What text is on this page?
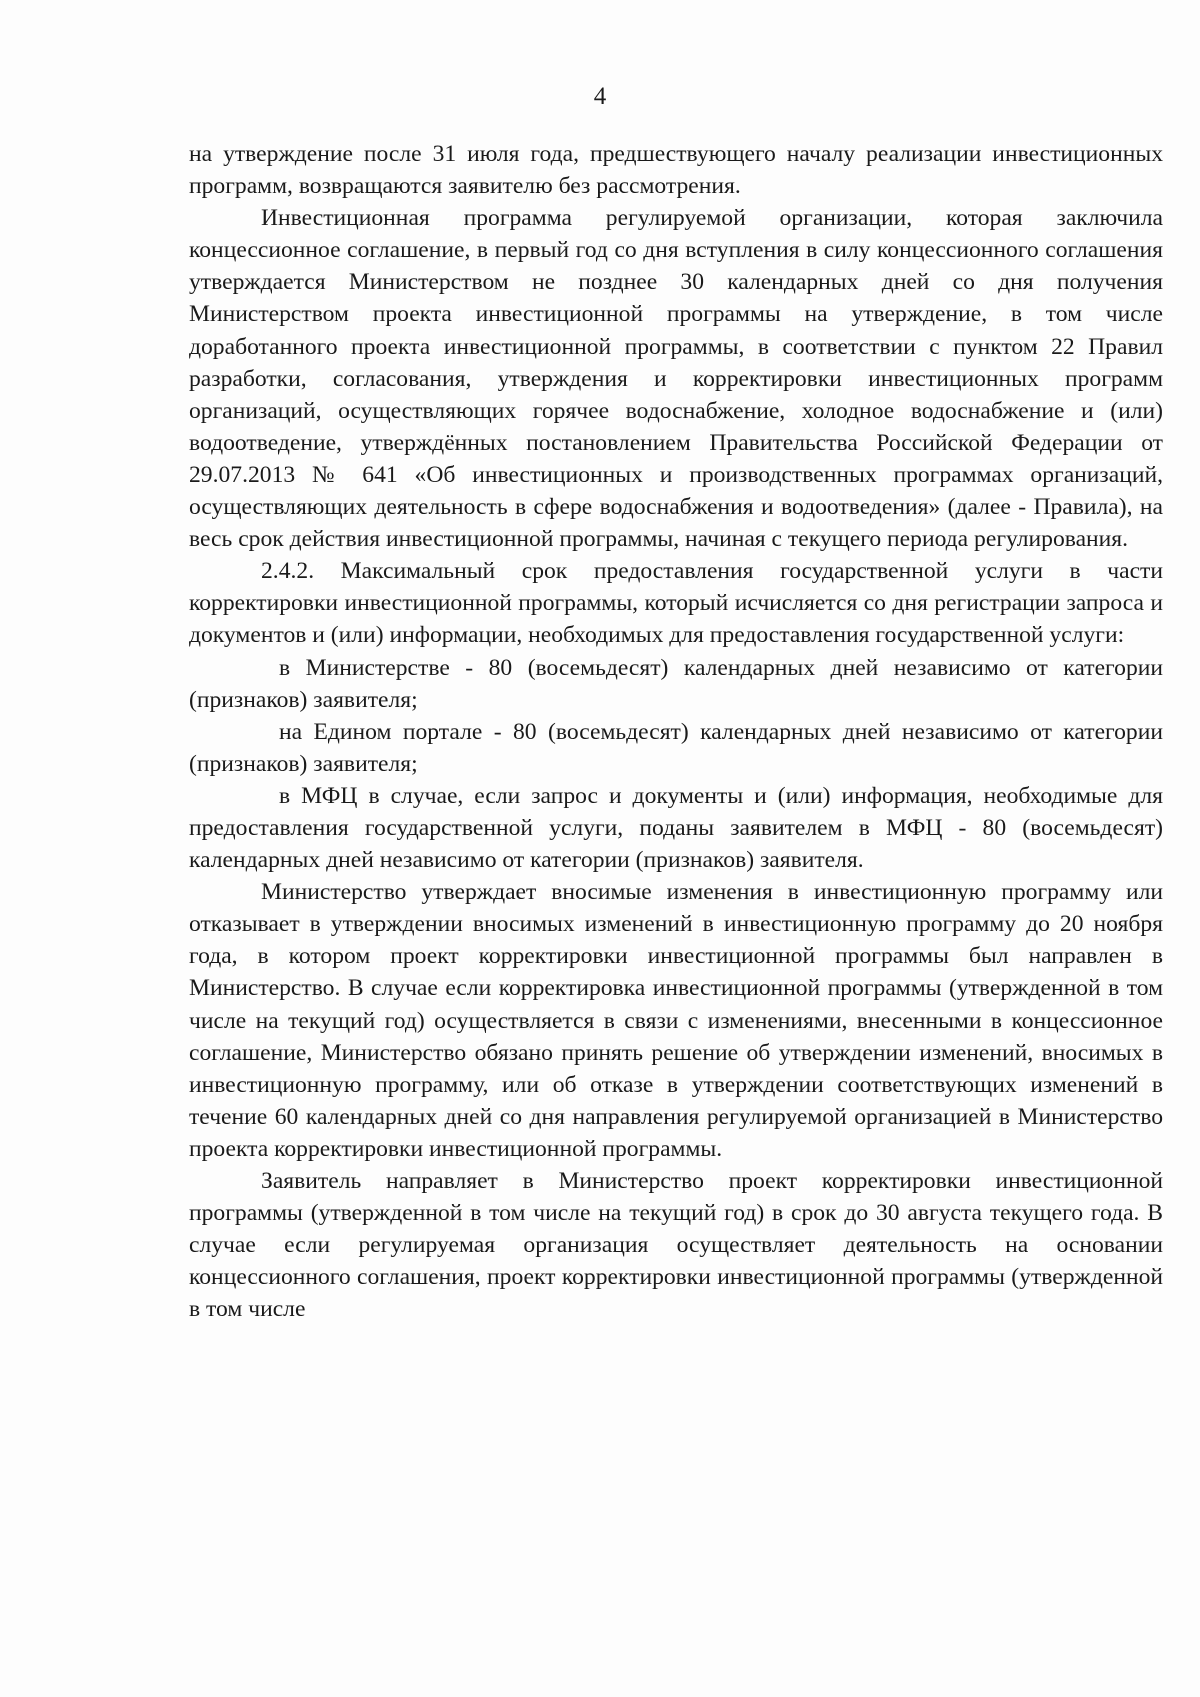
4

на утверждение после 31 июля года, предшествующего началу реализации инвестиционных программ, возвращаются заявителю без рассмотрения.

Инвестиционная программа регулируемой организации, которая заключила концессионное соглашение, в первый год со дня вступления в силу концессионного соглашения утверждается Министерством не позднее 30 календарных дней со дня получения Министерством проекта инвестиционной программы на утверждение, в том числе доработанного проекта инвестиционной программы, в соответствии с пунктом 22 Правил разработки, согласования, утверждения и корректировки инвестиционных программ организаций, осуществляющих горячее водоснабжение, холодное водоснабжение и (или) водоотведение, утверждённых постановлением Правительства Российской Федерации от 29.07.2013 № 641 «Об инвестиционных и производственных программах организаций, осуществляющих деятельность в сфере водоснабжения и водоотведения» (далее - Правила), на весь срок действия инвестиционной программы, начиная с текущего периода регулирования.

2.4.2. Максимальный срок предоставления государственной услуги в части корректировки инвестиционной программы, который исчисляется со дня регистрации запроса и документов и (или) информации, необходимых для предоставления государственной услуги:

в Министерстве - 80 (восемьдесят) календарных дней независимо от категории (признаков) заявителя;

на Едином портале - 80 (восемьдесят) календарных дней независимо от категории (признаков) заявителя;

в МФЦ в случае, если запрос и документы и (или) информация, необходимые для предоставления государственной услуги, поданы заявителем в МФЦ - 80 (восемьдесят) календарных дней независимо от категории (признаков) заявителя.

Министерство утверждает вносимые изменения в инвестиционную программу или отказывает в утверждении вносимых изменений в инвестиционную программу до 20 ноября года, в котором проект корректировки инвестиционной программы был направлен в Министерство. В случае если корректировка инвестиционной программы (утвержденной в том числе на текущий год) осуществляется в связи с изменениями, внесенными в концессионное соглашение, Министерство обязано принять решение об утверждении изменений, вносимых в инвестиционную программу, или об отказе в утверждении соответствующих изменений в течение 60 календарных дней со дня направления регулируемой организацией в Министерство проекта корректировки инвестиционной программы.

Заявитель направляет в Министерство проект корректировки инвестиционной программы (утвержденной в том числе на текущий год) в срок до 30 августа текущего года. В случае если регулируемая организация осуществляет деятельность на основании концессионного соглашения, проект корректировки инвестиционной программы (утвержденной в том числе
